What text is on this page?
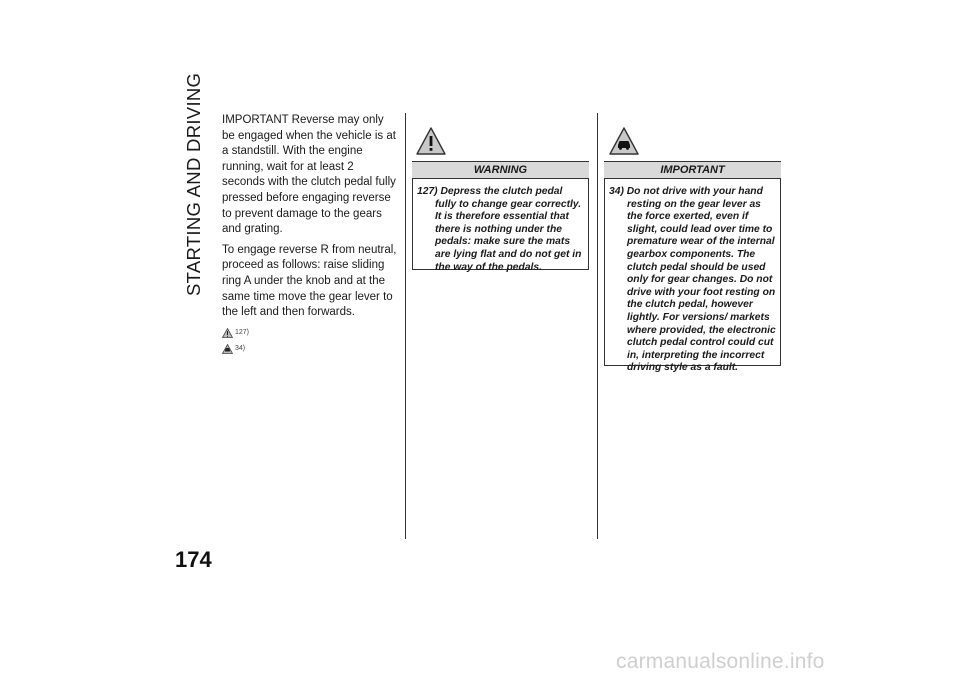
STARTING AND DRIVING
174

IMPORTANT Reverse may only be engaged when the vehicle is at a standstill. With the engine running, wait for at least 2 seconds with the clutch pedal fully pressed before engaging reverse to prevent damage to the gears and grating.

To engage reverse R from neutral, proceed as follows: raise sliding ring A under the knob and at the same time move the gear lever to the left and then forwards.

127)
34)
WARNING
127) Depress the clutch pedal fully to change gear correctly. It is therefore essential that there is nothing under the pedals: make sure the mats are lying flat and do not get in the way of the pedals.
IMPORTANT
34) Do not drive with your hand resting on the gear lever as the force exerted, even if slight, could lead over time to premature wear of the internal gearbox components. The clutch pedal should be used only for gear changes. Do not drive with your foot resting on the clutch pedal, however lightly. For versions/ markets where provided, the electronic clutch pedal control could cut in, interpreting the incorrect driving style as a fault.
carmanualsonline.info
